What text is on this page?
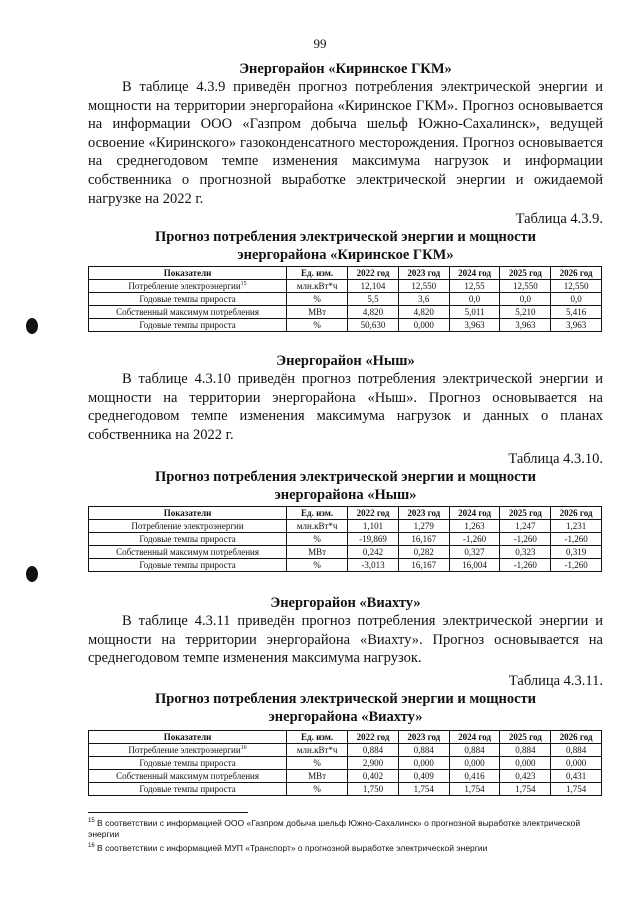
99
Энергорайон «Киринское ГКМ»

В таблице 4.3.9 приведён прогноз потребления электрической энергии и мощности на территории энергорайона «Киринское ГКМ». Прогноз основывается на информации ООО «Газпром добыча шельф Южно-Сахалинск», ведущей освоение «Киринского» газоконденсатного месторождения. Прогноз основывается на среднегодовом темпе изменения максимума нагрузок и информации собственника о прогнозной выработке электрической энергии и ожидаемой нагрузке на 2022 г.

Таблица 4.3.9.
Прогноз потребления электрической энергии и мощности
энергорайона «Киринское ГКМ»
Показатели	Ед. изм.	2022 год	2023 год	2024 год	2025 год	2026 год
Потребление электроэнергии$^{15}$	млн.кВт*ч	12,104	12,550	12,55	12,550	12,550
Годовые темпы прироста	%	5,5	3,6	0,0	0,0	0,0
Собственный максимум потребления	МВт	4,820	4,820	5,011	5,210	5,416
Годовые темпы прироста	%	50,630	0,000	3,963	3,963	3,963
Энергорайон «Ныш»

В таблице 4.3.10 приведён прогноз потребления электрической энергии и мощности на территории энергорайона «Ныш». Прогноз основывается на среднегодовом темпе изменения максимума нагрузок и данных о планах собственника на 2022 г.

Таблица 4.3.10.
Прогноз потребления электрической энергии и мощности
энергорайона «Ныш»
Показатели	Ед. изм.	2022 год	2023 год	2024 год	2025 год	2026 год
Потребление электроэнергии	млн.кВт*ч	1,101	1,279	1,263	1,247	1,231
Годовые темпы прироста	%	-19,869	16,167	-1,260	-1,260	-1,260
Собственный максимум потребления	МВт	0,242	0,282	0,327	0,323	0,319
Годовые темпы прироста	%	-3,013	16,167	16,004	-1,260	-1,260
Энергорайон «Виахту»

В таблице 4.3.11 приведён прогноз потребления электрической энергии и мощности на территории энергорайона «Виахту». Прогноз основывается на среднегодовом темпе изменения максимума нагрузок.

Таблица 4.3.11.
Прогноз потребления электрической энергии и мощности
энергорайона «Виахту»
Показатели	Ед. изм.	2022 год	2023 год	2024 год	2025 год	2026 год
Потребление электроэнергии$^{16}$	млн.кВт*ч	0,884	0,884	0,884	0,884	0,884
Годовые темпы прироста	%	2,900	0,000	0,000	0,000	0,000
Собственный максимум потребления	МВт	0,402	0,409	0,416	0,423	0,431
Годовые темпы прироста	%	1,750	1,754	1,754	1,754	1,754
$^{15}$ В соответствии с информацией ООО «Газпром добыча шельф Южно-Сахалинск» о прогнозной выработке электрической энергии
$^{16}$ В соответствии с информацией МУП «Транспорт» о прогнозной выработке электрической энергии
